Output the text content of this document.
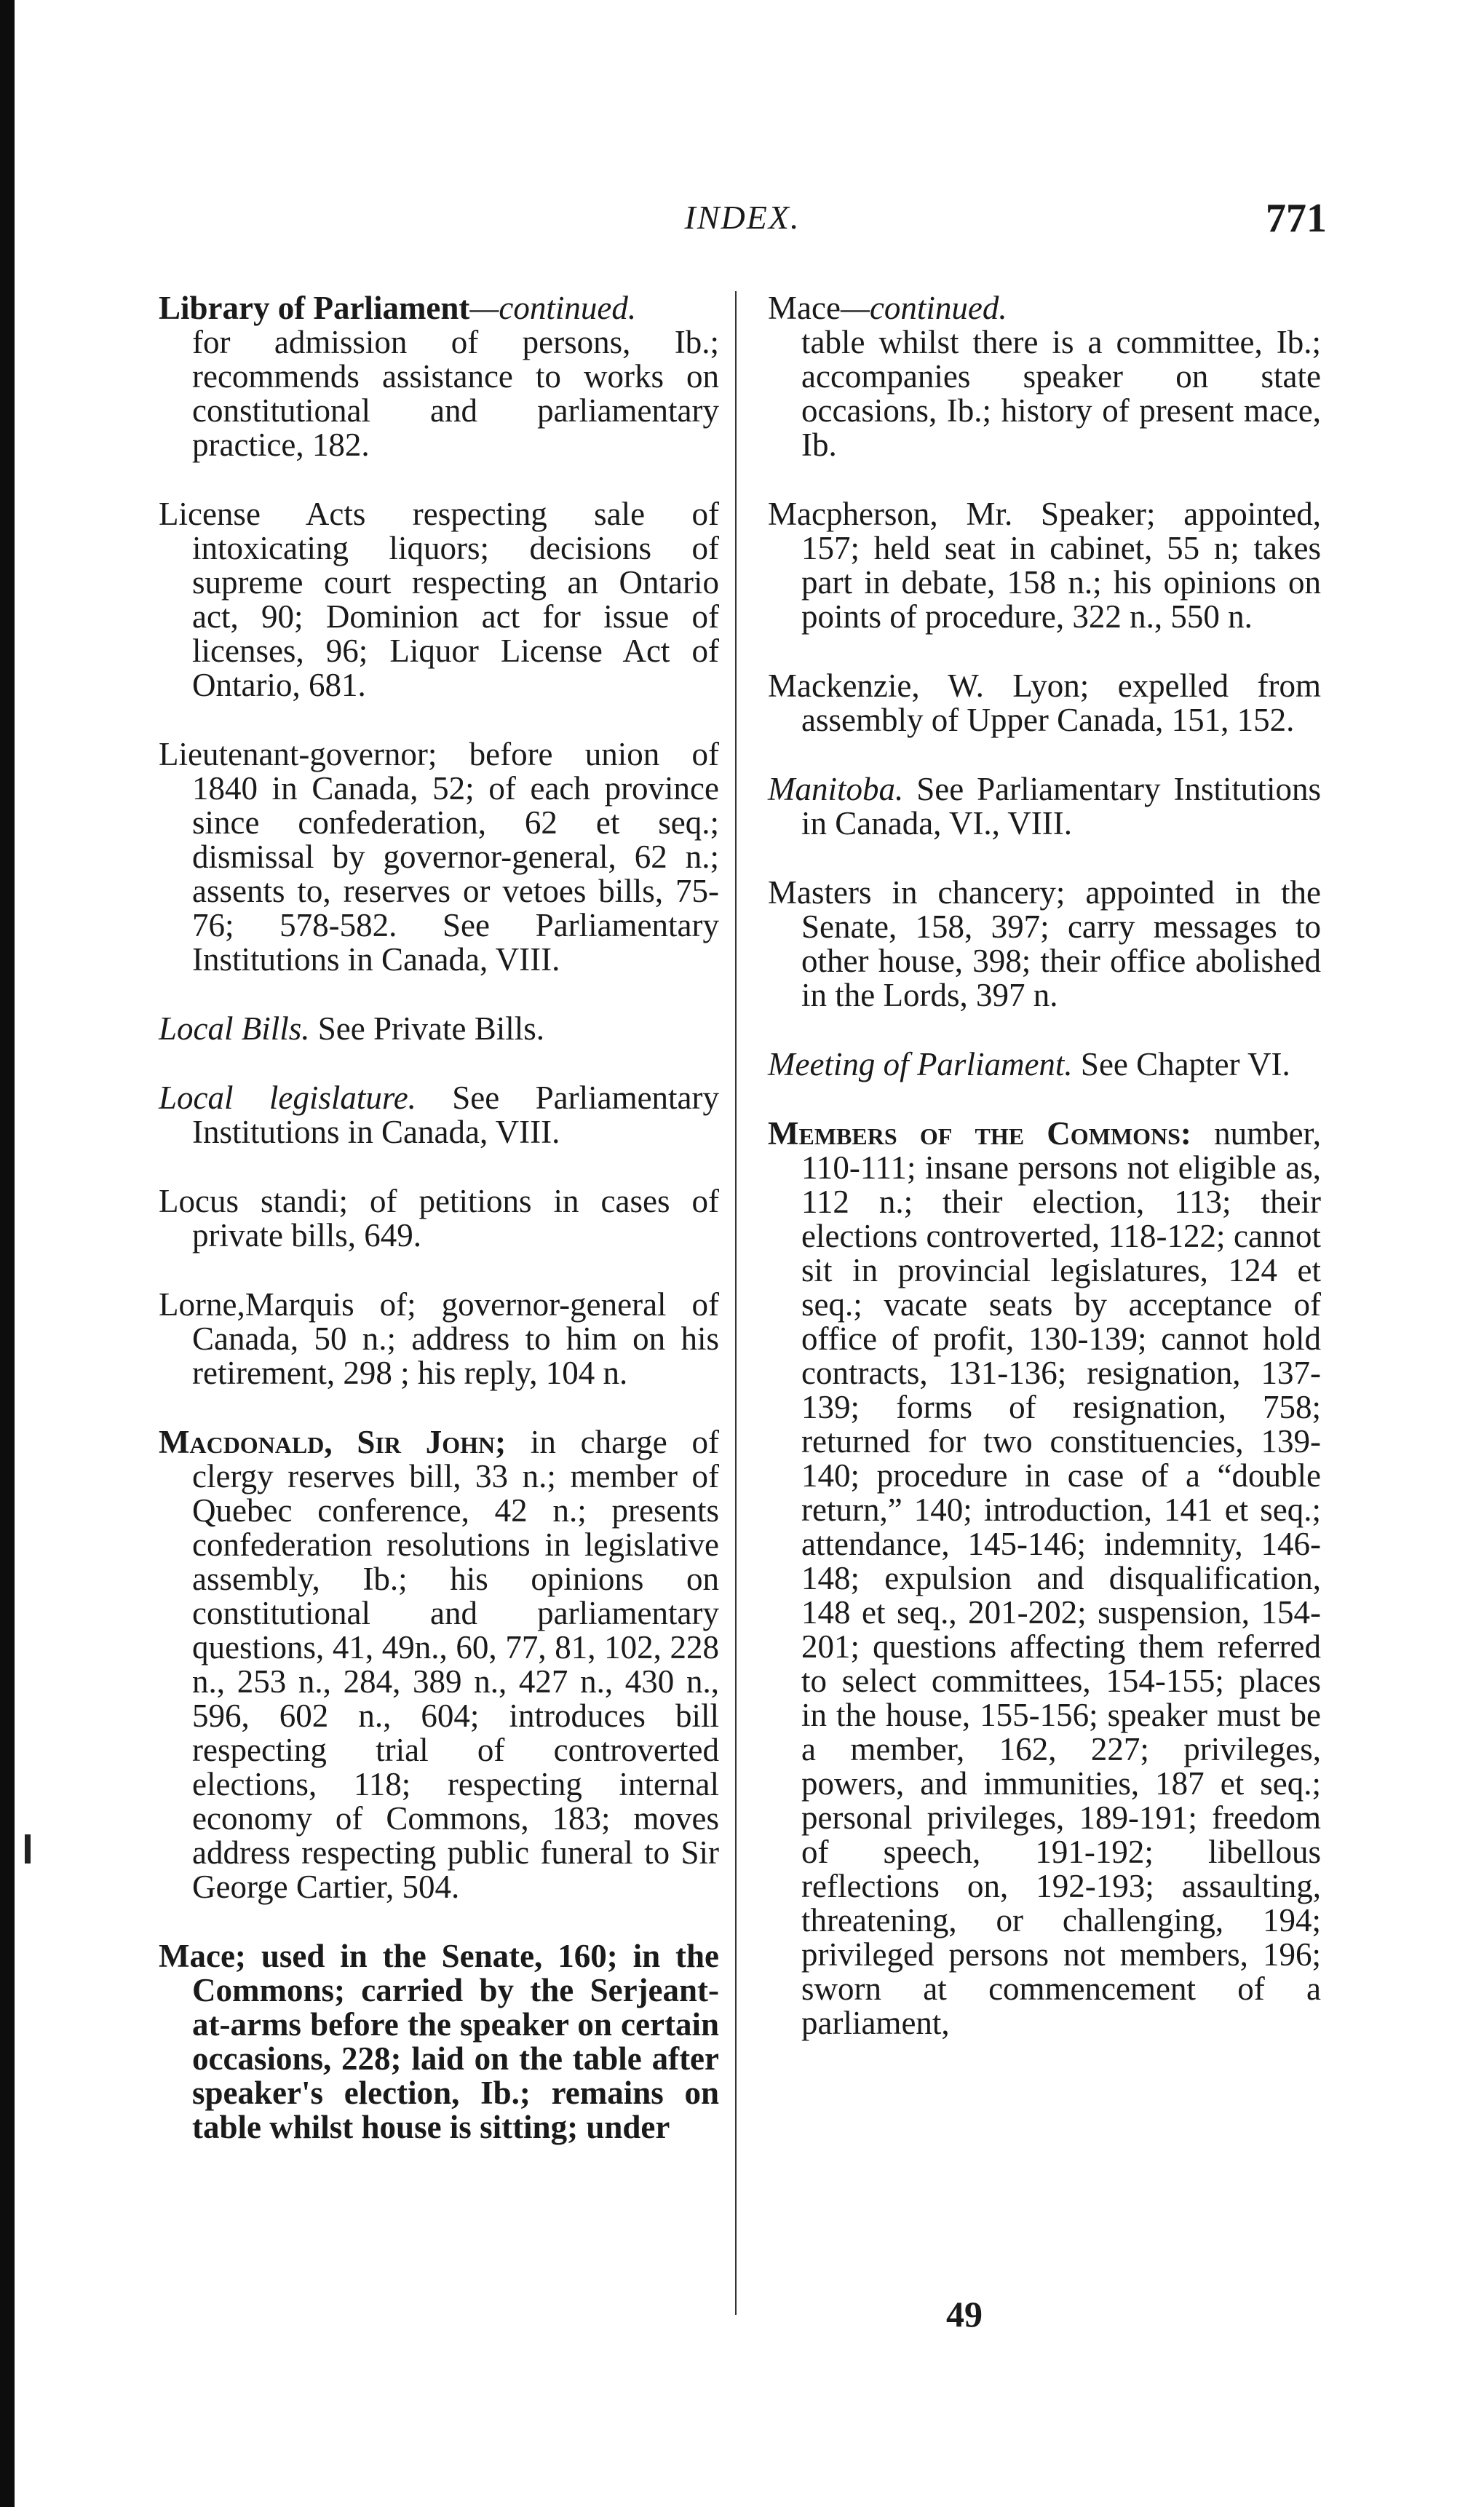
INDEX.	771

Library of Parliament—continued.
for admission of persons, Ib.; recommends assistance to works on constitutional and parliamentary practice, 182.

License Acts respecting sale of intoxicating liquors; decisions of supreme court respecting an Ontario act, 90; Dominion act for issue of licenses, 96; Liquor License Act of Ontario, 681.

Lieutenant-governor; before union of 1840 in Canada, 52; of each province since confederation, 62 et seq.; dismissal by governor-general, 62 n.; assents to, reserves or vetoes bills, 75-76; 578-582. See Parliamentary Institutions in Canada, VIII.

Local Bills. See Private Bills.

Local legislature. See Parliamentary Institutions in Canada, VIII.

Locus standi; of petitions in cases of private bills, 649.

Lorne,Marquis of; governor-general of Canada, 50 n.; address to him on his retirement, 298 ; his reply, 104 n.

Macdonald, Sir John; in charge of clergy reserves bill, 33 n.; member of Quebec conference, 42 n.; presents confederation resolutions in legislative assembly, Ib.; his opinions on constitutional and parliamentary questions, 41, 49n., 60, 77, 81, 102, 228 n., 253 n., 284, 389 n., 427 n., 430 n., 596, 602 n., 604; introduces bill respecting trial of controverted elections, 118; respecting internal economy of Commons, 183; moves address respecting public funeral to Sir George Cartier, 504.

Mace; used in the Senate, 160; in the Commons; carried by the Serjeant-at-arms before the speaker on certain occasions, 228; laid on the table after speaker's election, Ib.; remains on table whilst house is sitting; under

Mace—continued.
table whilst there is a committee, Ib.; accompanies speaker on state occasions, Ib.; history of present mace, Ib.

Macpherson, Mr. Speaker; appointed, 157; held seat in cabinet, 55 n; takes part in debate, 158 n.; his opinions on points of procedure, 322 n., 550 n.

Mackenzie, W. Lyon; expelled from assembly of Upper Canada, 151, 152.

Manitoba. See Parliamentary Institutions in Canada, VI., VIII.

Masters in chancery; appointed in the Senate, 158, 397; carry messages to other house, 398; their office abolished in the Lords, 397 n.

Meeting of Parliament. See Chapter VI.

Members of the Commons: number, 110-111; insane persons not eligible as, 112 n.; their election, 113; their elections controverted, 118-122; cannot sit in provincial legislatures, 124 et seq.; vacate seats by acceptance of office of profit, 130-139; cannot hold contracts, 131-136; resignation, 137-139; forms of resignation, 758; returned for two constituencies, 139-140; procedure in case of a “double return,” 140; introduction, 141 et seq.; attendance, 145-146; indemnity, 146-148; expulsion and disqualification, 148 et seq., 201-202; suspension, 154-201; questions affecting them referred to select committees, 154-155; places in the house, 155-156; speaker must be a member, 162, 227; privileges, powers, and immunities, 187 et seq.; personal privileges, 189-191; freedom of speech, 191-192; libellous reflections on, 192-193; assaulting, threatening, or challenging, 194; privileged persons not members, 196; sworn at commencement of a parliament,

49
